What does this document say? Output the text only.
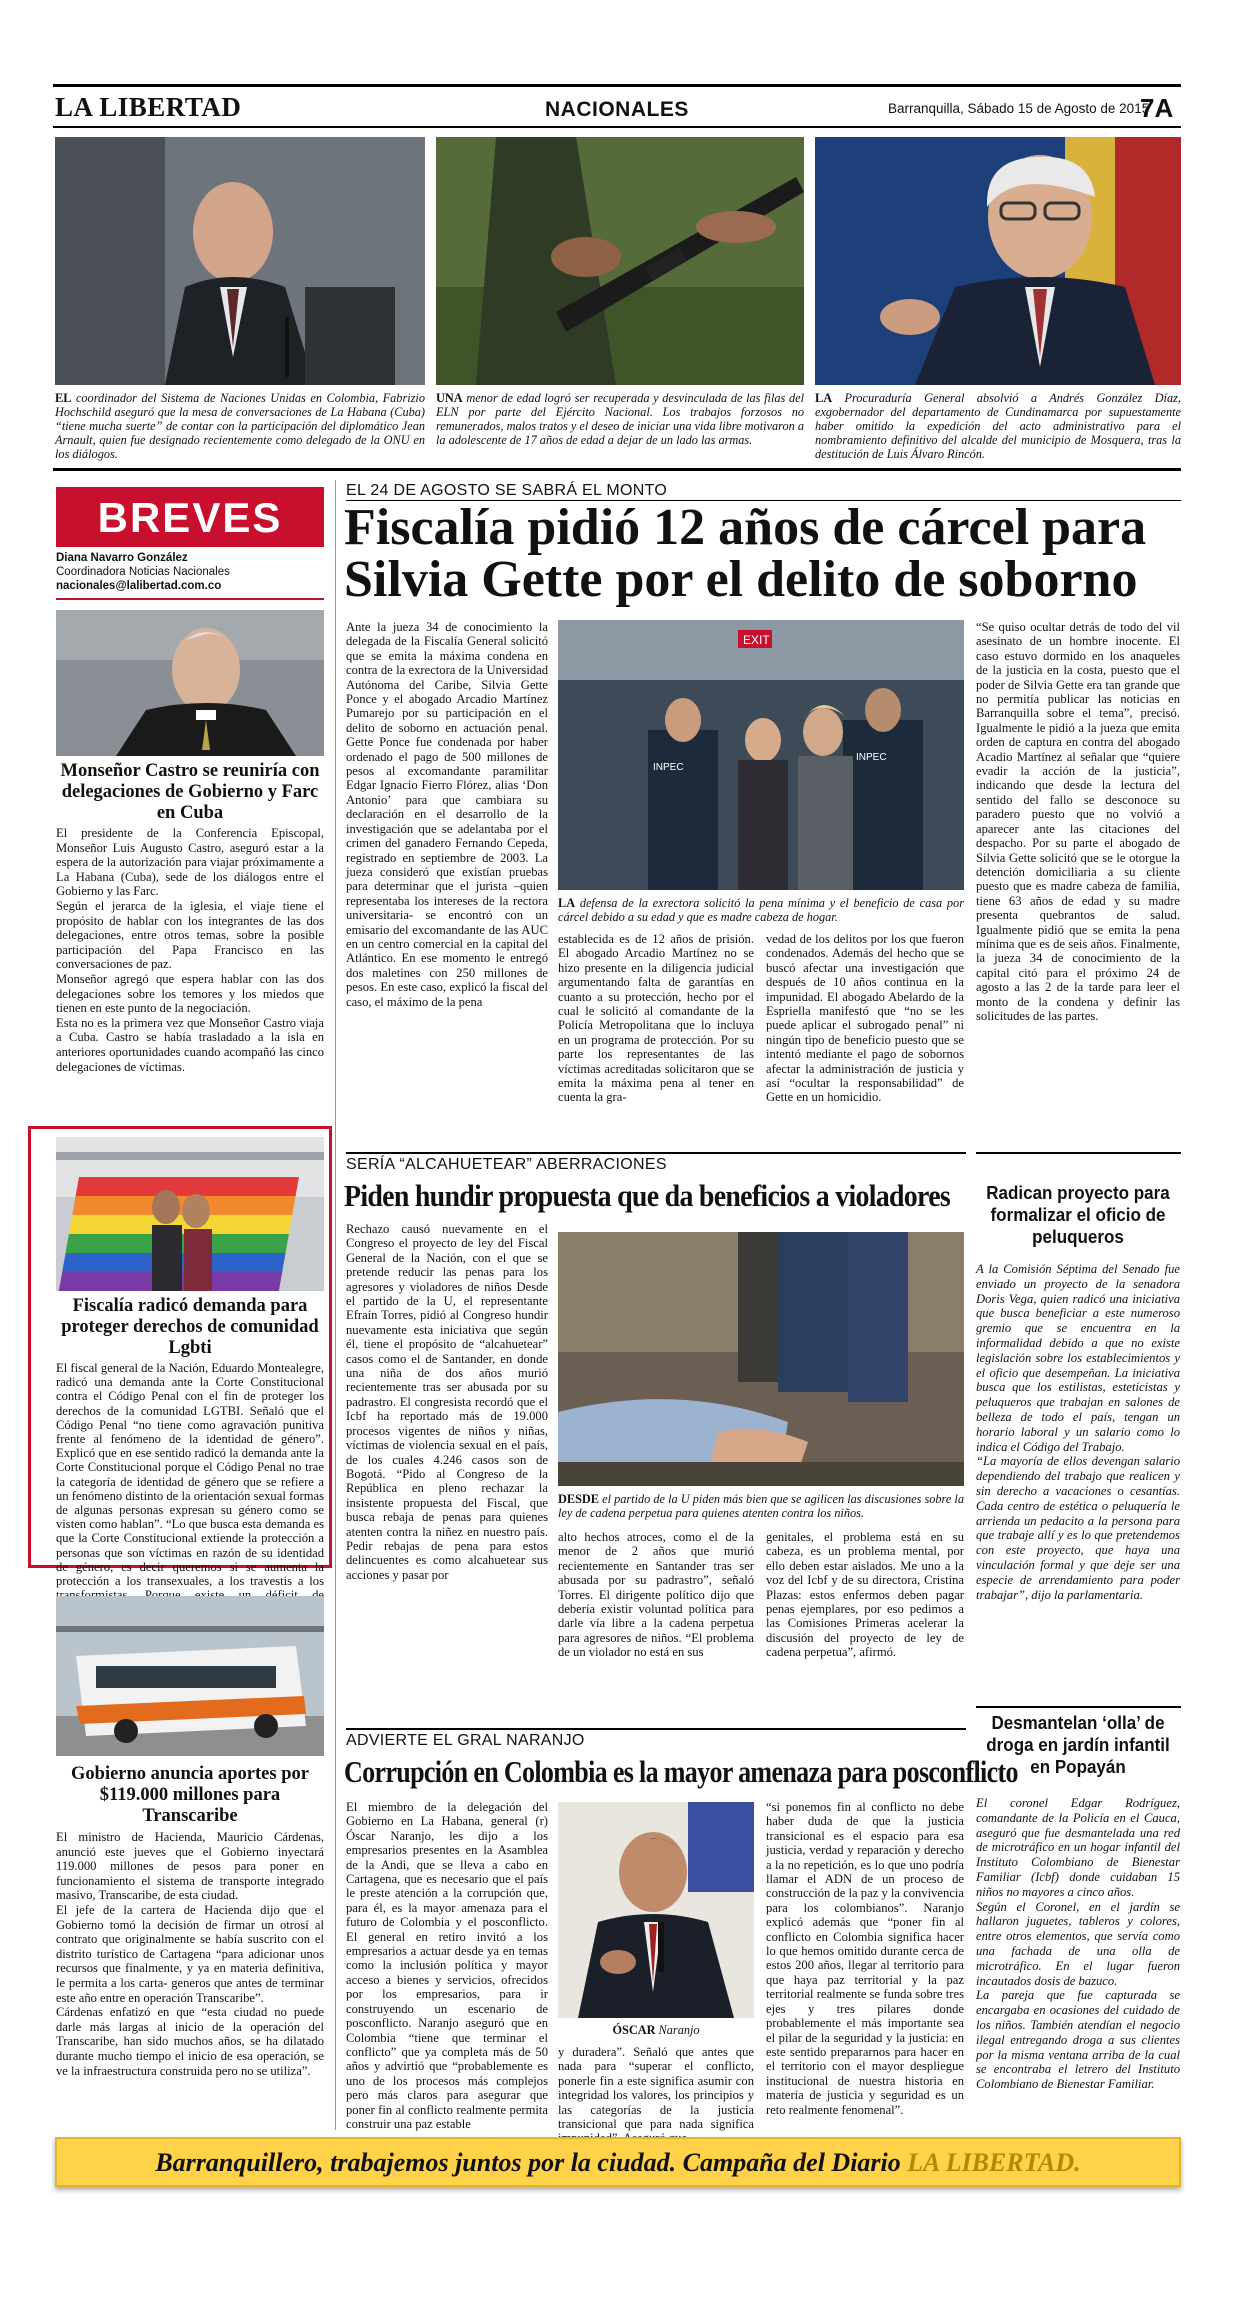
LA LIBERTAD	NACIONALES	Barranquilla, Sábado 15 de Agosto de 2015
7A
EL coordinador del Sistema de Naciones Unidas en Colombia, Fabrizio Hochschild aseguró que la mesa de conversaciones de La Habana (Cuba) “tiene mucha suerte” de contar con la participación del diplomático Jean Arnault, quien fue designado recientemente como delegado de la ONU en los diálogos.
UNA menor de edad logró ser recuperada y desvinculada de las filas del ELN por parte del Ejército Nacional. Los trabajos forzosos no remunerados, malos tratos y el deseo de iniciar una vida libre motivaron a la adolescente de 17 años de edad a dejar de un lado las armas.
LA Procuraduría General absolvió a Andrés González Díaz, exgobernador del departamento de Cundinamarca por supuestamente haber omitido la expedición del acto administrativo para el nombramiento definitivo del alcalde del municipio de Mosquera, tras la destitución de Luis Álvaro Rincón.
BREVES
Diana Navarro González
Coordinadora Noticias Nacionales
nacionales@lalibertad.com.co
Monseñor Castro se reuniría con delegaciones de Gobierno y Farc en Cuba

El presidente de la Conferencia Episcopal, Monseñor Luis Augusto Castro, aseguró estar a la espera de la autorización para viajar próximamente a La Habana (Cuba), sede de los diálogos entre el Gobierno y las Farc.

Según el jerarca de la iglesia, el viaje tiene el propósito de hablar con los integrantes de las dos delegaciones, entre otros temas, sobre la posible participación del Papa Francisco en las conversaciones de paz.

Monseñor agregó que espera hablar con las dos delegaciones sobre los temores y los miedos que tienen en este punto de la negociación.

Esta no es la primera vez que Monseñor Castro viaja a Cuba. Castro se había trasladado a la isla en anteriores oportunidades cuando acompañó las cinco delegaciones de víctimas.

Fiscalía radicó demanda para proteger derechos de comunidad Lgbti

El fiscal general de la Nación, Eduardo Montealegre, radicó una demanda ante la Corte Constitucional contra el Código Penal con el fin de proteger los derechos de la comunidad LGTBI. Señaló que el Código Penal “no tiene como agravación punitiva frente al fenómeno de la identidad de género”. Explicó que en ese sentido radicó la demanda ante la Corte Constitucional porque el Código Penal no trae la categoría de identidad de género que se refiere a un fenómeno distinto de la orientación sexual formas de algunas personas expresan su género como se visten como hablan”. “Lo que busca esta demanda es que la Corte Constitucional extiende la protección a personas que son víctimas en razón de su identidad de género, es decir queremos si se aumenta la protección a los transexuales, a los travestis a los

Gobierno anuncia aportes por $119.000 millones para Transcaribe

El ministro de Hacienda, Mauricio Cárdenas, anunció este jueves que el Gobierno inyectará 119.000 millones de pesos para poner en funcionamiento el sistema de transporte integrado masivo, Transcaribe, de esta ciudad.

El jefe de la cartera de Hacienda dijo que el Gobierno tomó la decisión de firmar un otrosí al contrato que originalmente se había suscrito con el distrito turístico de Cartagena “para adicionar unos recursos que finalmente, y ya en materia definitiva, le permita a los carta- generos que antes de terminar este año entre en operación Transcaribe”.

Cárdenas enfatizó en que “esta ciudad no puede darle más largas al inicio de la operación del Transcaribe, han sido muchos años, se ha dilatado durante mucho tiempo el inicio de esa operación, se ve la infraestructura construida pero no se utiliza”.

EL 24 DE AGOSTO SE SABRÁ EL MONTO
Fiscalía pidió 12 años de cárcel para
Silvia Gette por el delito de soborno
Ante la jueza 34 de conocimiento la delegada de la Fiscalía General solicitó que se emita la máxima condena en contra de la exrectora de la Universidad Autónoma del Caribe, Silvia Gette Ponce y el abogado Arcadio Martínez Pumarejo por su participación en el delito de soborno en actuación penal. Gette Ponce fue condenada por haber ordenado el pago de 500 millones de pesos al excomandante paramilitar Edgar Ignacio Fierro Flórez, alias ‘Don Antonio’ para que cambiara su declaración en el desarrollo de la investigación que se adelantaba por el crimen del ganadero Fernando Cepeda, registrado en septiembre de 2003. La jueza consideró que existían pruebas para determinar que el jurista –quien representaba los intereses de la rectora universitaria- se encontró con un emisario del excomandante de las AUC en un centro comercial en la capital del Atlántico. En ese momento le entregó dos maletines con 250 millones de pesos. En este caso, explicó la fiscal del caso, el máximo de la pena
EXIT
INPEC
INPEC
LA defensa de la exrectora solicitó la pena mínima y el beneficio de casa por cárcel debido a su edad y que es madre cabeza de hogar.
establecida es de 12 años de prisión. El abogado Arcadio Martínez no se hizo presente en la diligencia judicial argumentando falta de garantías en cuanto a su protección, hecho por el cual le solicitó al comandante de la Policía Metropolitana que lo incluya en un programa de protección. Por su parte los representantes de las víctimas acreditadas solicitaron que se emita la máxima pena al tener en cuenta la gra-
vedad de los delitos por los que fueron condenados. Además del hecho que se buscó afectar una investigación que después de 10 años continua en la impunidad. El abogado Abelardo de la Espriella manifestó que “no se les puede aplicar el subrogado penal” ni ningún tipo de beneficio puesto que se intentó mediante el pago de sobornos afectar la administración de justicia y así “ocultar la responsabilidad” de Gette en un homicidio.
“Se quiso ocultar detrás de todo del vil asesinato de un hombre inocente. El caso estuvo dormido en los anaqueles de la justicia en la costa, puesto que el poder de Silvia Gette era tan grande que no permitía publicar las noticias en Barranquilla sobre el tema”, precisó. Igualmente le pidió a la jueza que emita orden de captura en contra del abogado Acadio Martínez al señalar que “quiere evadir la acción de la justicia”, indicando que desde la lectura del sentido del fallo se desconoce su paradero puesto que no volvió a aparecer ante las citaciones del despacho. Por su parte el abogado de Silvia Gette solicitó que se le otorgue la detención domiciliaria a su cliente puesto que es madre cabeza de familia, tiene 63 años de edad y su madre presenta quebrantos de salud. Igualmente pidió que se emita la pena mínima que es de seis años. Finalmente, la jueza 34 de conocimiento de la capital citó para el próximo 24 de agosto a las 2 de la tarde para leer el monto de la condena y definir las solicitudes de las partes.
SERÍA “ALCAHUETEAR” ABERRACIONES
Piden hundir propuesta que da beneficios a violadores
Rechazo causó nuevamente en el Congreso el proyecto de ley del Fiscal General de la Nación, con el que se pretende reducir las penas para los agresores y violadores de niños Desde el partido de la U, el representante Efraín Torres, pidió al Congreso hundir nuevamente esta iniciativa que según él, tiene el propósito de “alcahuetear” casos como el de Santander, en donde una niña de dos años murió recientemente tras ser abusada por su padrastro. El congresista recordó que el Icbf ha reportado más de 19.000 procesos vigentes de niños y niñas, víctimas de violencia sexual en el país, de los cuales 4.246 casos son de Bogotá. “Pido al Congreso de la República en pleno rechazar la insistente propuesta del Fiscal, que busca rebaja de penas para quienes atenten contra la niñez en nuestro país. Pedir rebajas de pena para estos delincuentes es como alcahuetear sus acciones y pasar por
DESDE el partido de la U piden más bien que se agilicen las discusiones sobre la ley de cadena perpetua para quienes atenten contra los niños.
alto hechos atroces, como el de la menor de 2 años que murió recientemente en Santander tras ser abusada por su padrastro”, señaló Torres. El dirigente político dijo que debería existir voluntad política para darle vía libre a la cadena perpetua para agresores de niños. “El problema de un violador no está en sus
genitales, el problema está en su cabeza, es un problema mental, por ello deben estar aislados. Me uno a la voz del Icbf y de su directora, Cristina Plazas: estos enfermos deben pagar penas ejemplares, por eso pedimos a las Comisiones Primeras acelerar la discusión del proyecto de ley de cadena perpetua”, afirmó.
Radican proyecto para formalizar el oficio de peluqueros

A la Comisión Séptima del Senado fue enviado un proyecto de la senadora Doris Vega, quien radicó una iniciativa que busca beneficiar a este numeroso gremio que se encuentra en la informalidad debido a que no existe legislación sobre los establecimientos y el oficio que desempeñan. La iniciativa busca que los estilistas, esteticistas y peluqueros que trabajan en salones de belleza de todo el país, tengan un horario laboral y un salario como lo indica el Código del Trabajo.

“La mayoría de ellos devengan salario dependiendo del trabajo que realicen y sin derecho a vacaciones o cesantías. Cada centro de estética o peluquería le arrienda un pedacito a la persona para que trabaje allí y es lo que pretendemos con este proyecto, que haya una vinculación formal y que deje ser una especie de arrendamiento para poder trabajar”, dijo la parlamentaria.

ADVIERTE EL GRAL NARANJO
Corrupción en Colombia es la mayor amenaza para posconflicto
El miembro de la delegación del Gobierno en La Habana, general (r) Óscar Naranjo, les dijo a los empresarios presentes en la Asamblea de la Andi, que se lleva a cabo en Cartagena, que es necesario que el país le preste atención a la corrupción que, para él, es la mayor amenaza para el futuro de Colombia y el posconflicto. El general en retiro invitó a los empresarios a actuar desde ya en temas como la inclusión política y mayor acceso a bienes y servicios, ofrecidos por los empresarios, para ir construyendo un escenario de posconflicto. Naranjo aseguró que en Colombia “tiene que terminar el conflicto” que ya completa más de 50 años y advirtió que “probablemente es uno de los procesos más complejos pero más claros para asegurar que poner fin al conflicto realmente permita construir una paz estable
ÓSCAR Naranjo
y duradera”. Señaló que antes que nada para “superar el conflicto, ponerle fin a este significa asumir con integridad los valores, los principios y las categorías de la justicia transicional que para nada significa
“si ponemos fin al conflicto no debe haber duda de que la justicia transicional es el espacio para esa justicia, verdad y reparación y derecho a la no repetición, es lo que uno podría llamar el ADN de un proceso de construcción de la paz y la convivencia para los colombianos”. Naranjo explicó además que “poner fin al conflicto en Colombia significa hacer lo que hemos omitido durante cerca de estos 200 años, llegar al territorio para que haya paz territorial y la paz territorial realmente se funda sobre tres ejes y tres pilares donde probablemente el más importante sea el pilar de la seguridad y la justicia: en este sentido prepararnos para hacer en el territorio con el mayor despliegue institucional de nuestra historia en materia de justicia y seguridad es un reto realmente fenomenal”.
Desmantelan ‘olla’ de droga en jardín infantil en Popayán

El coronel Edgar Rodríguez, comandante de la Policía en el Cauca, aseguró que fue desmantelada una red de microtráfico en un hogar infantil del Instituto Colombiano de Bienestar Familiar (Icbf) donde cuidaban 15 niños no mayores a cinco años.

Según el Coronel, en el jardín se hallaron juguetes, tableros y colores, entre otros elementos, que servía como una fachada de una olla de microtráfico. En el lugar fueron incautados dosis de bazuco.

La pareja que fue capturada se encargaba en ocasiones del cuidado de los niños. También atendían el negocio ilegal entregando droga a sus clientes por la misma ventana arriba de la cual se encontraba el letrero del Instituto Colombiano de Bienestar Familiar.

Barranquillero, trabajemos juntos por la ciudad. Campaña del Diario LA LIBERTAD.
